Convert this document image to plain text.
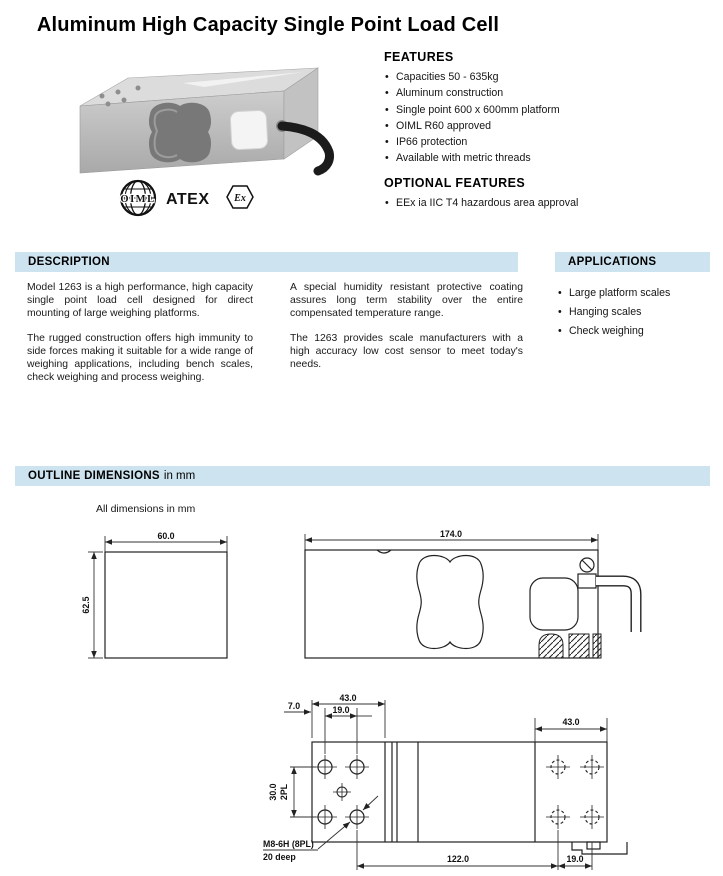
Aluminum High Capacity Single Point Load Cell
OIML ATEX Ex
FEATURES
• Capacities 50 - 635kg
• Aluminum construction
• Single point 600 x 600mm platform
• OIML R60 approved
• IP66 protection
• Available with metric threads
OPTIONAL FEATURES
• EEx ia IIC T4 hazardous area approval
DESCRIPTION	APPLICATIONS

Model 1263 is a high performance, high capacity single point load cell designed for direct mounting of large weighing platforms.

The rugged construction offers high immunity to side forces making it suitable for a wide range of weighing applications, including bench scales, check weighing and process weighing.

A special humidity resistant protective coating assures long term stability over the entire compensated temperature range.

The 1263 provides scale manufacturers with a high accuracy low cost sensor to meet today's needs.

• Large platform scales
• Hanging scales
• Check weighing
OUTLINE DIMENSIONS in mm
All dimensions in mm
60.0
62.5
174.0
43.0
7.0	19.0
43.0
30.0 2PL
122.0	19.0
M8-6H (8PL)
20 deep
